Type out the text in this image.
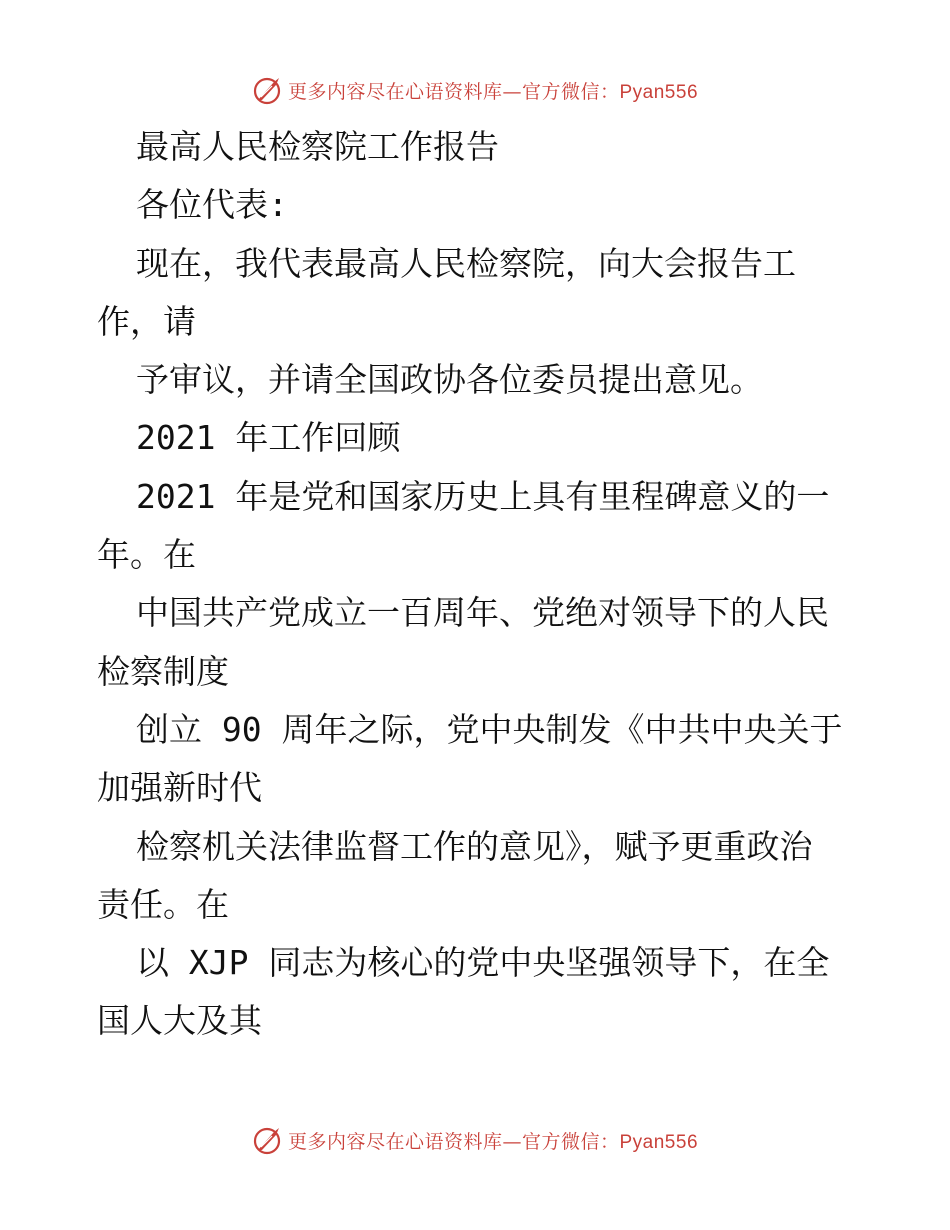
更多内容尽在心语资料库—官方微信：Pyan556
最高人民检察院工作报告
各位代表:
现在，我代表最高人民检察院，向大会报告工
作，请
予审议，并请全国政协各位委员提出意见。
2021 年工作回顾
2021 年是党和国家历史上具有里程碑意义的一
年。在
中国共产党成立一百周年、党绝对领导下的人民
检察制度
创立 90 周年之际，党中央制发《中共中央关于
加强新时代
检察机关法律监督工作的意见》，赋予更重政治
责任。在
以 XJP 同志为核心的党中央坚强领导下，在全
国人大及其
更多内容尽在心语资料库—官方微信：Pyan556
